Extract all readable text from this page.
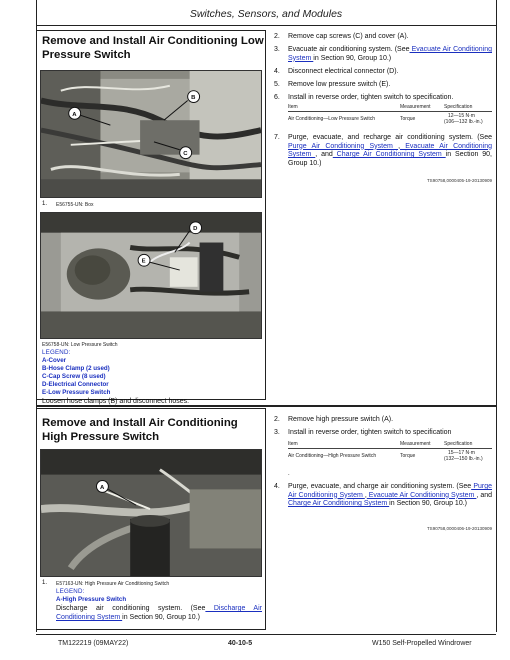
Switches, Sensors, and Modules
Remove and Install Air Conditioning Low Pressure Switch
A
B
C
1. E56755-UN: Box
D
E
E56758-UN: Low Pressure Switch
LEGEND:
A-Cover
B-Hose Clamp (2 used)
C-Cap Screw (8 used)
D-Electrical Connector
E-Low Pressure Switch
Loosen hose clamps (B) and disconnect hoses.
2. Remove cap screws (C) and cover (A).
3. Evacuate air conditioning system. (See Evacuate Air Conditioning System in Section 90, Group 10.)
4. Disconnect electrical connector (D).
5. Remove low pressure switch (E).
6. Install in reverse order, tighten switch to specification.
Item	Measurement	Specification
Air Conditioning—Low Pressure Switch	Torque	12—15 N·m
(106—132 lb.-in.)
7. Purge, evacuate, and recharge air conditioning system. (See Purge Air Conditioning System , Evacuate Air Conditioning System , and Charge Air Conditioning System in Section 90, Group 10.)
TS90758,0000405-19-20130909
Remove and Install Air Conditioning High Pressure Switch
A
1. E57163-UN: High Pressure Air Conditioning Switch
LEGEND:
A-High Pressure Switch
Discharge air conditioning system. (See Discharge Air Conditioning System in Section 90, Group 10.)
2. Remove high pressure switch (A).
3. Install in reverse order, tighten switch to specification
Item	Measurement	Specification
Air Conditioning—High Pressure Switch	Torque	15—17 N·m
(132—150 lb.-in.)
.
4. Purge, evacuate, and charge air conditioning system. (See Purge Air Conditioning System , Evacuate Air Conditioning System , and Charge Air Conditioning System in Section 90, Group 10.)
TS90758,0000406-19-20130909
TM122219 (09MAY22)	40-10-5	W150 Self-Propelled Windrower
